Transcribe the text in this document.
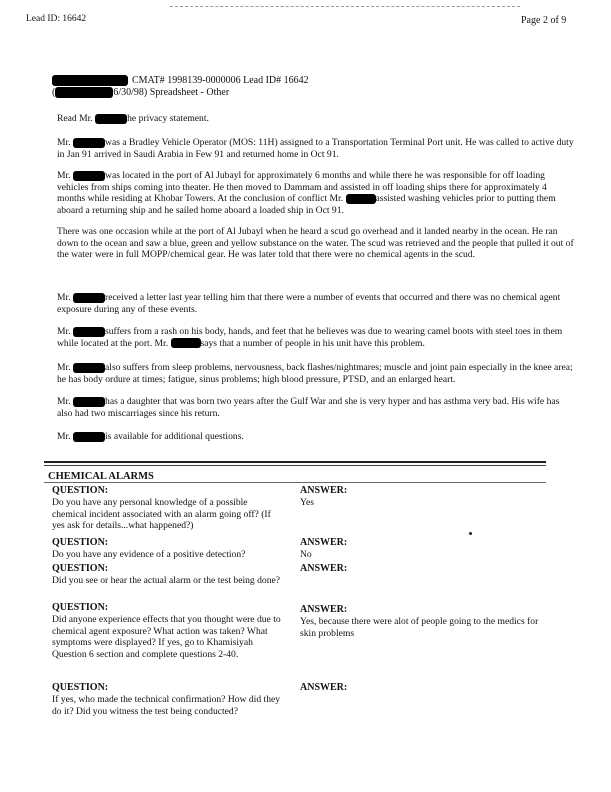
Lead ID: 16642	Page 2 of 9
CMAT# 1998139-0000006 Lead ID# 16642
(	6/30/98) Spreadsheet - Other

Read Mr.	he privacy statement.

Mr.	was a Bradley Vehicle Operator (MOS: 11H) assigned to a Transportation Terminal Port unit. He was called to active duty in Jan 91 arrived in Saudi Arabia in Few 91 and returned home in Oct 91.

Mr.	was located in the port of Al Jubayl for approximately 6 months and while there he was responsible for off loading vehicles from ships coming into theater. He then moved to Dammam and assisted in off loading ships there for approximately 4 months while residing at Khobar Towers. At the conclusion of conflict Mr.	assisted washing vehicles prior to putting them aboard a returning ship and he sailed home aboard a loaded ship in Oct 91.

There was one occasion while at the port of Al Jubayl when he heard a scud go overhead and it landed nearby in the ocean. He ran down to the ocean and saw a blue, green and yellow substance on the water. The scud was retrieved and the people that pulled it out of the water were in full MOPP/chemical gear. He was later told that there were no chemical agents in the scud.

Mr.	received a letter last year telling him that there were a number of events that occurred and there was no chemical agent exposure during any of these events.

Mr.	suffers from a rash on his body, hands, and feet that he believes was due to wearing camel boots with steel toes in them while located at the port. Mr.	says that a number of people in his unit have this problem.

Mr.	also suffers from sleep problems, nervousness, back flashes/nightmares; muscle and joint pain especially in the knee area; he has body ordure at times; fatigue, sinus problems; high blood pressure, PTSD, and an enlarged heart.

Mr.	has a daughter that was born two years after the Gulf War and she is very hyper and has asthma very bad. His wife has also had two miscarriages since his return.

Mr.	is available for additional questions.

CHEMICAL ALARMS
QUESTION:
Do you have any personal knowledge of a possible chemical incident associated with an alarm going off? (If yes ask for details...what happened?)
ANSWER:
Yes
QUESTION:
Do you have any evidence of a positive detection?
ANSWER:
No
QUESTION:
Did you see or hear the actual alarm or the test being done?
ANSWER:
QUESTION:
Did anyone experience effects that you thought were due to chemical agent exposure? What action was taken? What symptoms were displayed? If yes, go to Khamisiyah Question 6 section and complete questions 2-40.
ANSWER:
Yes, because there were alot of people going to the medics for skin problems
QUESTION:
If yes, who made the technical confirmation? How did they do it? Did you witness the test being conducted?
ANSWER:
